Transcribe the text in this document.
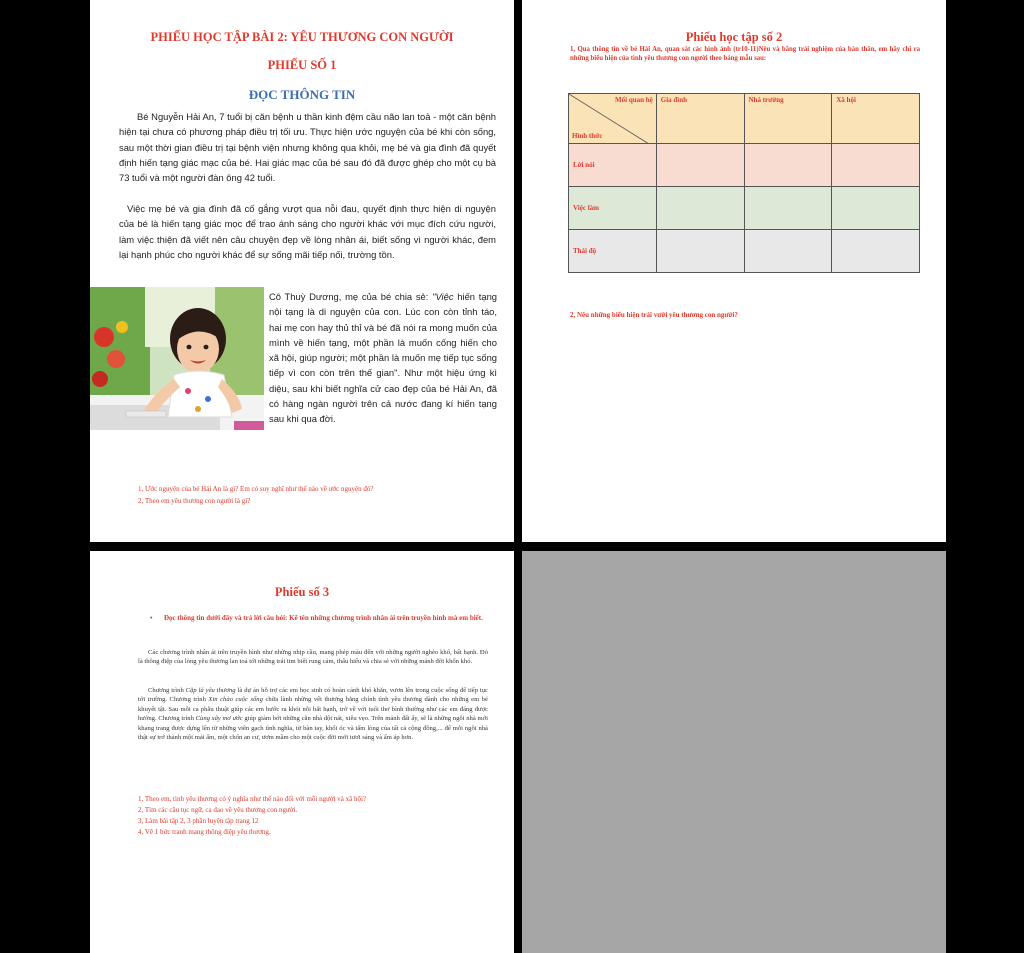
PHIẾU HỌC TẬP BÀI 2: YÊU THƯƠNG CON NGƯỜI
PHIẾU SỐ 1
ĐỌC THÔNG TIN
Bé Nguyễn Hải An, 7 tuổi bị căn bệnh u thần kinh đệm cầu não lan toả - một căn bệnh hiện tại chưa có phương pháp điều trị tối ưu. Thực hiện ước nguyện của bé khi còn sống, sau một thời gian điều trị tại bệnh viện nhưng không qua khỏi, mẹ bé và gia đình đã quyết định hiến tạng giác mạc của bé. Hai giác mạc của bé sau đó đã được ghép cho một cụ bà 73 tuổi và một người đàn ông 42 tuổi.
Việc mẹ bé và gia đình đã cố gắng vượt qua nỗi đau, quyết định thực hiện di nguyện của bé là hiến tạng giác mọc để trao ánh sáng cho người khác với mục đích cứu người, làm việc thiện đã viết nên câu chuyện đẹp về lòng nhân ái, biết sống vì người khác, đem lại hạnh phúc cho người khác để sự sống mãi tiếp nối, trường tồn.
Cô Thuỳ Dương, mẹ của bé chia sẻ: "Việc hiến tạng nội tạng là di nguyện của con. Lúc con còn tỉnh táo, hai mẹ con hay thủ thỉ và bé đã nói ra mong muốn của mình về hiến tạng, một phần là muốn cống hiến cho xã hội, giúp người; một phần là muốn mẹ tiếp tục sống tiếp vì con còn trên thế gian". Như một hiệu ứng kì diệu, sau khi biết nghĩa cử cao đẹp của bé Hải An, đã có hàng ngàn người trên cả nước đang kí hiến tạng sau khi qua đời.
1, Ước nguyện của bé Hải An là gì? Em có suy nghĩ như thế nào về ước nguyện đó?
2, Theo em yêu thương con người là gì?
Phiếu học tập số 2
1, Qua thông tin về bé Hải An, quan sát các hình ảnh (tr10-11)Nêu và bằng trải nghiệm của bản thân, em hãy chỉ ra những biểu hiện của tình yêu thương con người theo bảng mẫu sau:
Mối quan hệ
Hình thức	Gia đình	Nhà trường	Xã hội
Lời nói			
Việc làm			
Thái độ			
2, Nêu những biểu hiện trái vười yêu thương con người?
Phiếu số 3
• Đọc thông tin dưới đây và trả lời câu hỏi: Kể tên những chương trình nhân ái trên truyền hình mà em biết.
Các chương trình nhân ái trên truyền hình như những nhịp cầu, mang phép màu đến với những người nghèo khổ, bất hạnh. Đó là thông điệp của lòng yêu thương lan toả tới những trái tim biết rung cảm, thấu hiểu và chia sẻ với những mảnh đời khốn khó.
Chương trình Cặp lá yêu thương là dự án hỗ trợ các em học sinh có hoàn cảnh khó khăn, vươn lên trong cuộc sống để tiếp tục tới trường. Chương trình Xin chào cuộc sống chữa lành những vết thương bằng chính tình yêu thương dành cho những em bé khuyết tật. Sau mỗi ca phẫu thuật giúp các em bước ra khỏi nỗi bất hạnh, trở về với tuổi thơ bình thường như các em đáng được hưởng. Chương trình Cùng xây mơ ước giúp giảm bớt những căn nhà dột nát, xiêu vẹo. Trên mảnh đất ấy, sẽ là những ngôi nhà mới khang trang được dựng lên từ những viên gạch tình nghĩa, từ bàn tay, khối óc và tấm lòng của tất cả cộng đồng,... để mỗi ngôi nhà thật sự trở thành một mái ấm, một chốn an cư, ươm mầm cho một cuộc đời mới tươi sáng và ấm áp hơn.
1, Theo em, tình yêu thương có ý nghĩa như thế nào đối với mỗi người và xã hội?
2, Tìm các câu tục ngữ, ca dao về yêu thương con người.
3, Làm bài tập 2, 3 phần luyện tập trang 12
4, Vẽ 1 bức tranh mang thông điệp yêu thương.
